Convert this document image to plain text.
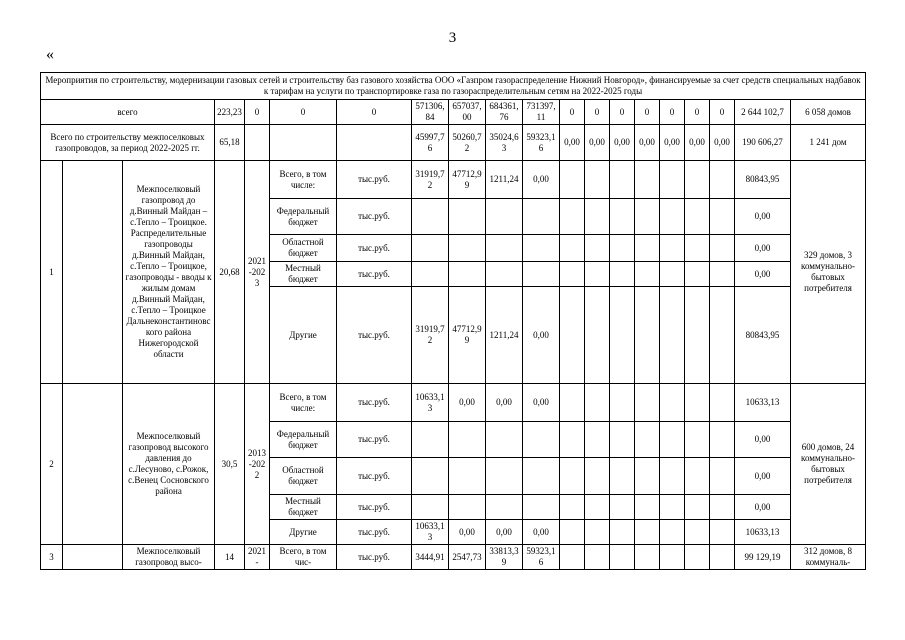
3
«
Мероприятия по строительству, модернизации газовых сетей и строительству баз газового хозяйства ООО «Газпром газораспределение Нижний Новгород», финансируемые за счет средств специальных надбавок к тарифам на услуги по транспортировке газа по газораспределительным сетям на 2022-2025 годы																			
всего			223,23	0	0	0	571306,84	657037,00	684361,76	731397,11	0	0	0	0	0	0	0	2 644 102,7	6 058 домов
Всего по строительству межпоселковых газопроводов, за период 2022-2025 гг.			65,18				45997,76	50260,72	35024,63	59323,16	0,00	0,00	0,00	0,00	0,00	0,00	0,00	190 606,27	1 241 дом
1		Межпоселковый газопровод до д.Винный Майдан – с.Тепло – Троицкое. Распределительные газопроводы д.Винный Майдан, с.Тепло – Троицкое, газопроводы - вводы к жилым домам д.Винный Майдан, с.Тепло – Троицкое Дальнеконстантиновского района Нижегородской области	20,68	2021-2023	Всего, в том числе:	тыс.руб.	31919,72	47712,99	1211,24	0,00								80843,95	329 домов, 3 коммунально-бытовых потребителя
					Федеральный бюджет	тыс.руб.												0,00	
					Областной бюджет	тыс.руб.												0,00	
					Местный бюджет	тыс.руб.												0,00	
					Другие	тыс.руб.	31919,72	47712,99	1211,24	0,00								80843,95	
2		Межпоселковый газопровод высокого давления до с.Лесуново, с.Рожок, с.Венец Сосновского района	30,5	2013-2022	Всего, в том числе:	тыс.руб.	10633,13	0,00	0,00	0,00								10633,13	600 домов, 24 коммунально-бытовых потребителя
					Федеральный бюджет	тыс.руб.												0,00	
					Областной бюджет	тыс.руб.												0,00	
					Местный бюджет	тыс.руб.												0,00	
					Другие	тыс.руб.	10633,13	0,00	0,00	0,00								10633,13	
3		Межпоселковый газопровод высо-	14	2021-	Всего, в том чис-	тыс.руб.	3444,91	2547,73	33813,39	59323,16								99 129,19	312 домов, 8 коммуналь-
